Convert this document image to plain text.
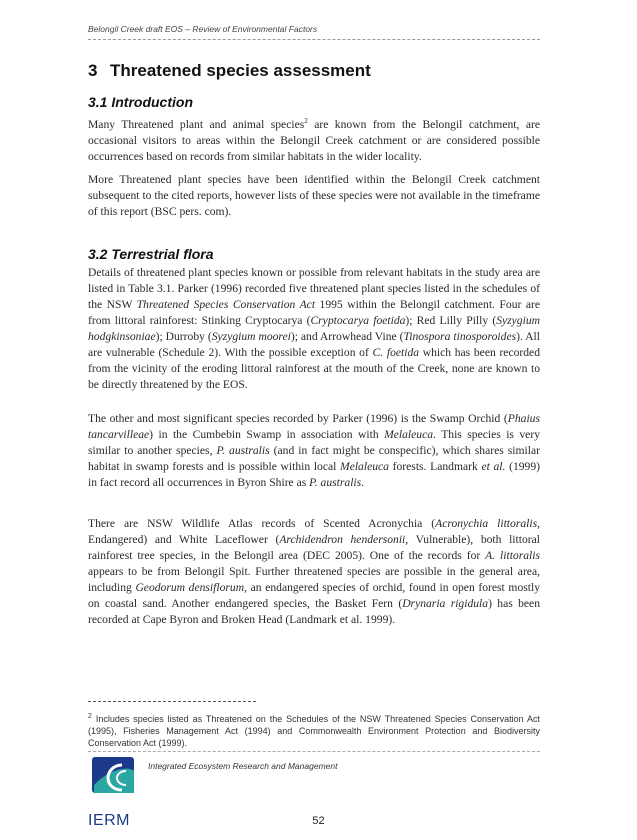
Belongil Creek draft EOS – Review of Environmental Factors
3 Threatened species assessment
3.1 Introduction

Many Threatened plant and animal species$^2$ are known from the Belongil catchment, are occasional visitors to areas within the Belongil Creek catchment or are considered possible occurrences based on records from similar habitats in the wider locality.

More Threatened plant species have been identified within the Belongil Creek catchment subsequent to the cited reports, however lists of these species were not available in the timeframe of this report (BSC pers. com).

3.2 Terrestrial flora

Details of threatened plant species known or possible from relevant habitats in the study area are listed in Table 3.1. Parker (1996) recorded five threatened plant species listed in the schedules of the NSW Threatened Species Conservation Act 1995 within the Belongil catchment. Four are from littoral rainforest: Stinking Cryptocarya (Cryptocarya foetida); Red Lilly Pilly (Syzygium hodgkinsoniae); Durroby (Syzygium moorei); and Arrowhead Vine (Tinospora tinosporoides). All are vulnerable (Schedule 2). With the possible exception of C. foetida which has been recorded from the vicinity of the eroding littoral rainforest at the mouth of the Creek, none are known to be directly threatened by the EOS.

The other and most significant species recorded by Parker (1996) is the Swamp Orchid (Phaius tancarvilleae) in the Cumbebin Swamp in association with Melaleuca. This species is very similar to another species, P. australis (and in fact might be conspecific), which shares similar habitat in swamp forests and is possible within local Melaleuca forests. Landmark et al. (1999) in fact record all occurrences in Byron Shire as P. australis.

There are NSW Wildlife Atlas records of Scented Acronychia (Acronychia littoralis, Endangered) and White Laceflower (Archidendron hendersonii, Vulnerable), both littoral rainforest tree species, in the Belongil area (DEC 2005). One of the records for A. littoralis appears to be from Belongil Spit. Further threatened species are possible in the general area, including Geodorum densiflorum, an endangered species of orchid, found in open forest mostly on coastal sand. Another endangered species, the Basket Fern (Drynaria rigidula) has been recorded at Cape Byron and Broken Head (Landmark et al. 1999).

$^2$ Includes species listed as Threatened on the Schedules of the NSW Threatened Species Conservation Act (1995), Fisheries Management Act (1994) and Commonwealth Environment Protection and Biodiversity Conservation Act (1999).

IERM
Integrated Ecosystem Research and Management
52
